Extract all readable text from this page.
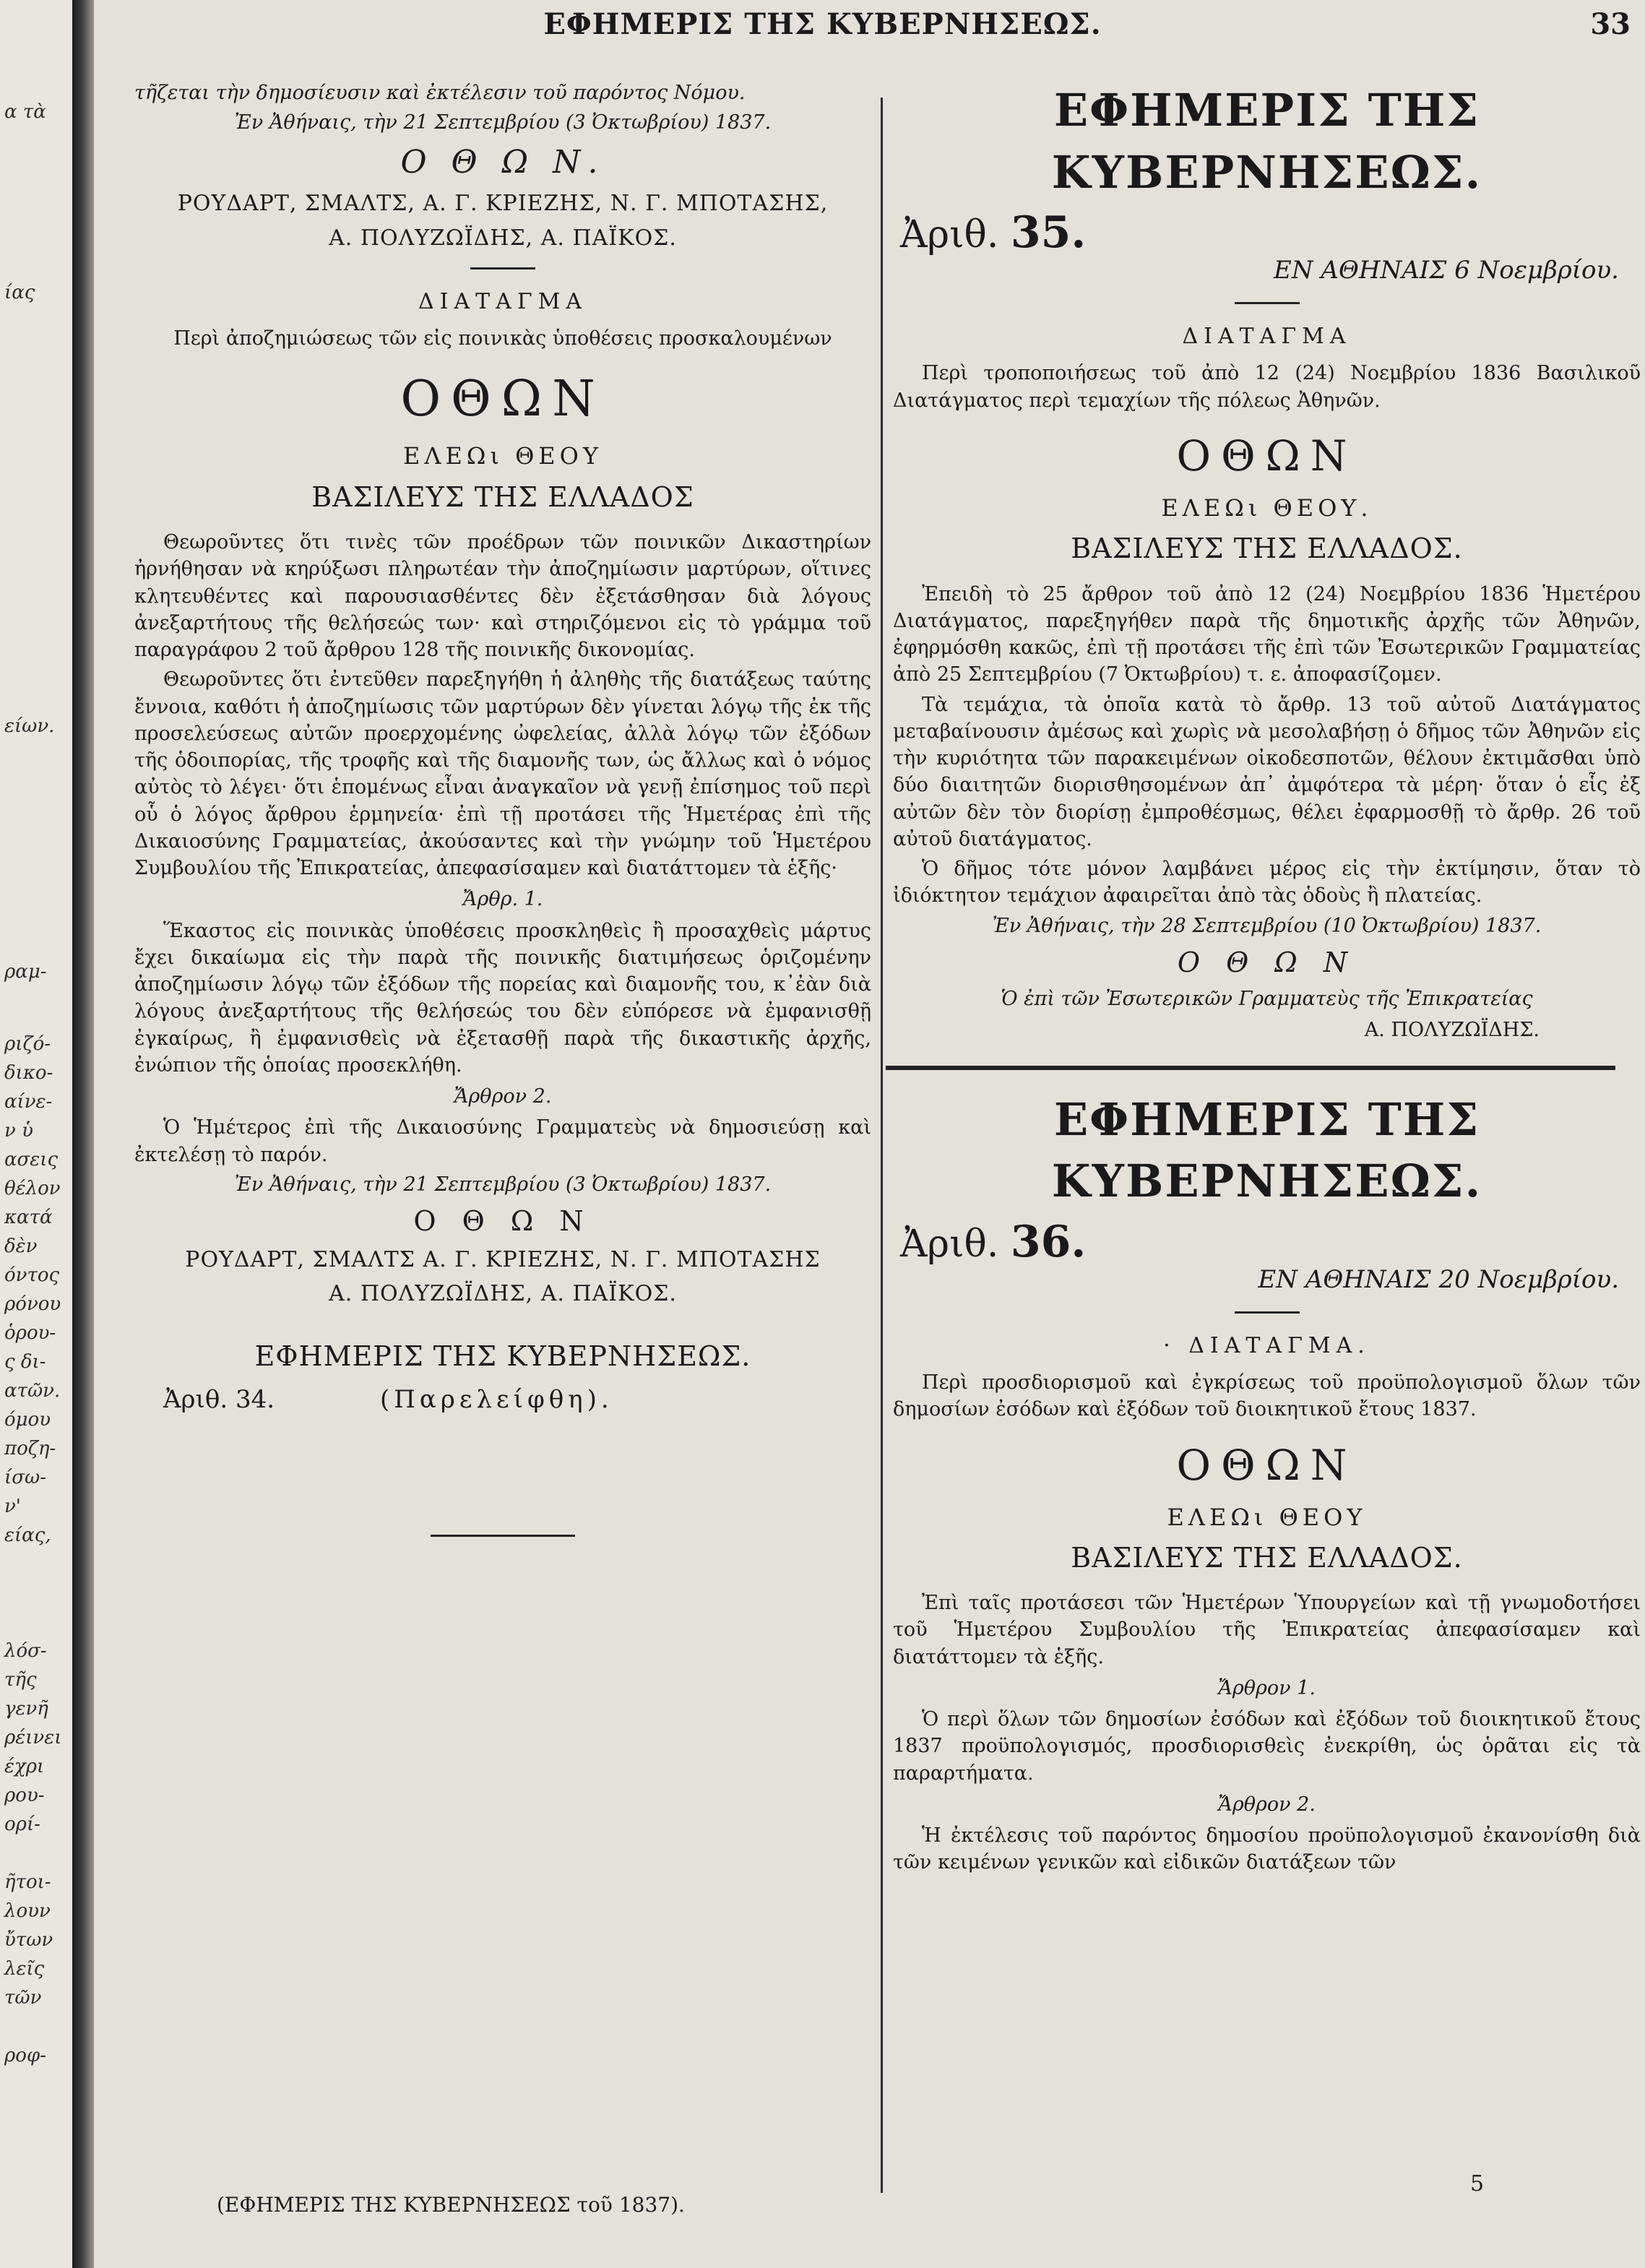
α τὰ
ίας
είων.
ραμ-
ριζό-
δικο-
αίνε-
ν ὑ
ασεις
θέλον
κατά
δὲν
όντος
ρόνου
ὁρου-
ς δι-
ατῶν.
όμου
ποζη-
ίσω-
ν'
είας,
λόσ-
τῆς
γενῆ
ρέινει
έχρι
ρου-
ορί-
ῆτοι-
λουν
ὔτων
λεῖς
τῶν
ροφ-
ΕΦΗΜΕΡΙΣ ΤΗΣ ΚΥΒΕΡΝΗΣΕΩΣ.	33

τῆζεται τὴν δημοσίευσιν καὶ ἐκτέλεσιν τοῦ παρόντος Νόμου.

Ἐν Ἀθήναις, τὴν 21 Σεπτεμβρίου (3 Ὀκτωβρίου) 1837.

Ο Θ Ω Ν.
ΡΟΥΔΑΡΤ, ΣΜΑΛΤΣ, Α. Γ. ΚΡΙΕΖΗΣ, Ν. Γ. ΜΠΟΤΑΣΗΣ,
Α. ΠΟΛΥΖΩΪΔΗΣ, Α. ΠΑΪΚΟΣ.
ΔΙΑΤΑΓΜΑ

Περὶ ἀποζημιώσεως τῶν εἰς ποινικὰς ὑποθέσεις προσκαλουμένων

ΟΘΩΝ
ΕΛΕΩι ΘΕΟΥ
ΒΑΣΙΛΕΥΣ ΤΗΣ ΕΛΛΑΔΟΣ

Θεωροῦντες ὅτι τινὲς τῶν προέδρων τῶν ποινικῶν Δικαστηρίων ἠρνήθησαν νὰ κηρύξωσι πληρωτέαν τὴν ἀποζημίωσιν μαρτύρων, οἵτινες κλητευθέντες καὶ παρουσιασθέντες δὲν ἐξετάσθησαν διὰ λόγους ἀνεξαρτήτους τῆς θελήσεώς των· καὶ στηριζόμενοι εἰς τὸ γράμμα τοῦ παραγράφου 2 τοῦ ἄρθρου 128 τῆς ποινικῆς δικονομίας.

Θεωροῦντες ὅτι ἐντεῦθεν παρεξηγήθη ἡ ἀληθὴς τῆς διατάξεως ταύτης ἔννοια, καθότι ἡ ἀποζημίωσις τῶν μαρτύρων δὲν γίνεται λόγῳ τῆς ἐκ τῆς προσελεύσεως αὐτῶν προερχομένης ὠφελείας, ἀλλὰ λόγῳ τῶν ἐξόδων τῆς ὁδοιπορίας, τῆς τροφῆς καὶ τῆς διαμονῆς των, ὡς ἄλλως καὶ ὁ νόμος αὐτὸς τὸ λέγει· ὅτι ἑπομένως εἶναι ἀναγκαῖον νὰ γενῇ ἐπίσημος τοῦ περὶ οὗ ὁ λόγος ἄρθρου ἑρμηνεία· ἐπὶ τῇ προτάσει τῆς Ἡμετέρας ἐπὶ τῆς Δικαιοσύνης Γραμματείας, ἀκούσαντες καὶ τὴν γνώμην τοῦ Ἡμετέρου Συμβουλίου τῆς Ἐπικρατείας, ἀπεφασίσαμεν καὶ διατάττομεν τὰ ἑξῆς·

Ἄρθρ. 1.

Ἕκαστος εἰς ποινικὰς ὑποθέσεις προσκληθεὶς ἢ προσαχθεὶς μάρτυς ἔχει δικαίωμα εἰς τὴν παρὰ τῆς ποινικῆς διατιμήσεως ὁριζομένην ἀποζημίωσιν λόγῳ τῶν ἐξόδων τῆς πορείας καὶ διαμονῆς του, κ᾽ἐὰν διὰ λόγους ἀνεξαρτήτους τῆς θελήσεώς του δὲν εὐπόρεσε νὰ ἐμφανισθῇ ἐγκαίρως, ἢ ἐμφανισθεὶς νὰ ἐξετασθῇ παρὰ τῆς δικαστικῆς ἀρχῆς, ἐνώπιον τῆς ὁποίας προσεκλήθη.

Ἄρθρον 2.

Ὁ Ἡμέτερος ἐπὶ τῆς Δικαιοσύνης Γραμματεὺς νὰ δημοσιεύσῃ καὶ ἐκτελέσῃ τὸ παρόν.

Ἐν Ἀθήναις, τὴν 21 Σεπτεμβρίου (3 Ὀκτωβρίου) 1837.

Ο Θ Ω Ν
ΡΟΥΔΑΡΤ, ΣΜΑΛΤΣ Α. Γ. ΚΡΙΕΖΗΣ, Ν. Γ. ΜΠΟΤΑΣΗΣ
Α. ΠΟΛΥΖΩΪΔΗΣ, Α. ΠΑΪΚΟΣ.
ΕΦΗΜΕΡΙΣ ΤΗΣ ΚΥΒΕΡΝΗΣΕΩΣ.
Ἀριθ. 34.	(Παρελείφθη).
ΕΦΗΜΕΡΙΣ ΤΗΣ ΚΥΒΕΡΝΗΣΕΩΣ.
Ἀριθ. 35.
ΕΝ ΑΘΗΝΑΙΣ 6 Νοεμβρίου.
ΔΙΑΤΑΓΜΑ

Περὶ τροποποιήσεως τοῦ ἀπὸ 12 (24) Νοεμβρίου 1836 Βασιλικοῦ Διατάγματος περὶ τεμαχίων τῆς πόλεως Ἀθηνῶν.

ΟΘΩΝ
ΕΛΕΩι ΘΕΟΥ.
ΒΑΣΙΛΕΥΣ ΤΗΣ ΕΛΛΑΔΟΣ.

Ἐπειδὴ τὸ 25 ἄρθρον τοῦ ἀπὸ 12 (24) Νοεμβρίου 1836 Ἡμετέρου Διατάγματος, παρεξηγήθεν παρὰ τῆς δημοτικῆς ἀρχῆς τῶν Ἀθηνῶν, ἐφηρμόσθη κακῶς, ἐπὶ τῇ προτάσει τῆς ἐπὶ τῶν Ἐσωτερικῶν Γραμματείας ἀπὸ 25 Σεπτεμβρίου (7 Ὀκτωβρίου) τ. ε. ἀποφασίζομεν.

Τὰ τεμάχια, τὰ ὁποῖα κατὰ τὸ ἄρθρ. 13 τοῦ αὐτοῦ Διατάγματος μεταβαίνουσιν ἀμέσως καὶ χωρὶς νὰ μεσολαβήσῃ ὁ δῆμος τῶν Ἀθηνῶν εἰς τὴν κυριότητα τῶν παρακειμένων οἰκοδεσποτῶν, θέλουν ἐκτιμᾶσθαι ὑπὸ δύο διαιτητῶν διορισθησομένων ἀπ᾽ ἀμφότερα τὰ μέρη· ὅταν ὁ εἷς ἐξ αὐτῶν δὲν τὸν διορίσῃ ἐμπροθέσμως, θέλει ἐφαρμοσθῇ τὸ ἄρθρ. 26 τοῦ αὐτοῦ διατάγματος.

Ὁ δῆμος τότε μόνον λαμβάνει μέρος εἰς τὴν ἐκτίμησιν, ὅταν τὸ ἰδιόκτητον τεμάχιον ἀφαιρεῖται ἀπὸ τὰς ὁδοὺς ἢ πλατείας.

Ἐν Ἀθήναις, τὴν 28 Σεπτεμβρίου (10 Ὀκτωβρίου) 1837.

Ο Θ Ω Ν

Ὁ ἐπὶ τῶν Ἐσωτερικῶν Γραμματεὺς τῆς Ἐπικρατείας

Α. ΠΟΛΥΖΩΪΔΗΣ.
ΕΦΗΜΕΡΙΣ ΤΗΣ ΚΥΒΕΡΝΗΣΕΩΣ.
Ἀριθ. 36.
ΕΝ ΑΘΗΝΑΙΣ 20 Νοεμβρίου.
· ΔΙΑΤΑΓΜΑ.

Περὶ προσδιορισμοῦ καὶ ἐγκρίσεως τοῦ προϋπολογισμοῦ ὅλων τῶν δημοσίων ἐσόδων καὶ ἐξόδων τοῦ διοικητικοῦ ἔτους 1837.

ΟΘΩΝ
ΕΛΕΩι ΘΕΟΥ
ΒΑΣΙΛΕΥΣ ΤΗΣ ΕΛΛΑΔΟΣ.

Ἐπὶ ταῖς προτάσεσι τῶν Ἡμετέρων Ὑπουργείων καὶ τῇ γνωμοδοτήσει τοῦ Ἡμετέρου Συμβουλίου τῆς Ἐπικρατείας ἀπεφασίσαμεν καὶ διατάττομεν τὰ ἑξῆς.

Ἄρθρον 1.

Ὁ περὶ ὅλων τῶν δημοσίων ἐσόδων καὶ ἐξόδων τοῦ διοικητικοῦ ἔτους 1837 προϋπολογισμός, προσδιορισθεὶς ἐνεκρίθη, ὡς ὁρᾶται εἰς τὰ παραρτήματα.

Ἄρθρον 2.

Ἡ ἐκτέλεσις τοῦ παρόντος δημοσίου προϋπολογισμοῦ ἐκανονίσθη διὰ τῶν κειμένων γενικῶν καὶ εἰδικῶν διατάξεων τῶν

(ΕΦΗΜΕΡΙΣ ΤΗΣ ΚΥΒΕΡΝΗΣΕΩΣ τοῦ 1837).
5
